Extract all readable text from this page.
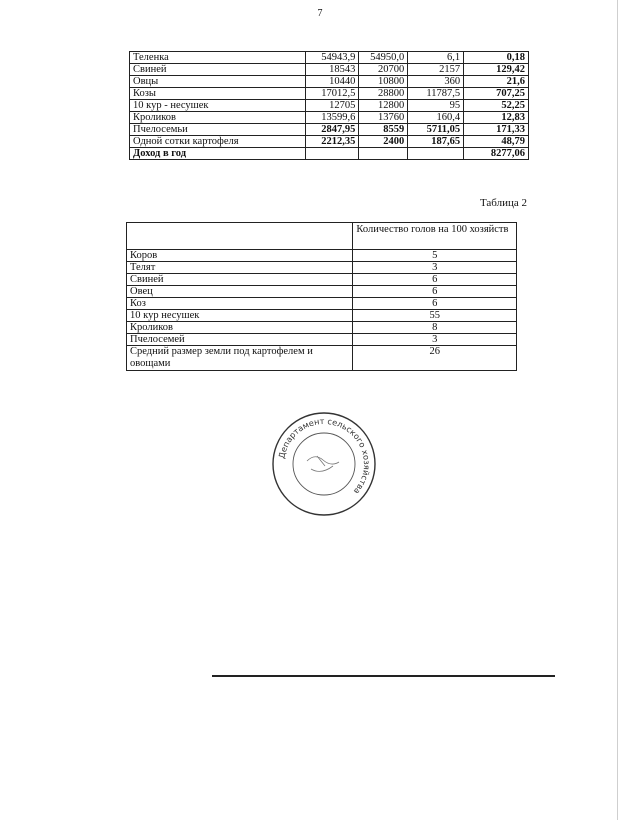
7
Теленка	54943,9	54950,0	6,1	0,18
Свиней	18543	20700	2157	129,42
Овцы	10440	10800	360	21,6
Козы	17012,5	28800	11787,5	707,25
10 кур - несушек	12705	12800	95	52,25
Кроликов	13599,6	13760	160,4	12,83
Пчелосемьи	2847,95	8559	5711,05	171,33
Одной сотки картофеля	2212,35	2400	187,65	48,79
Доход в год				8277,06
Таблица 2
	Количество голов на 100 хозяйств
Коров	5
Телят	3
Свиней	6
Овец	6
Коз	6
10 кур несушек	55
Кроликов	8
Пчелосемей	3
Средний размер земли под картофелем и овощами	26
Департамент сельского хозяйства
